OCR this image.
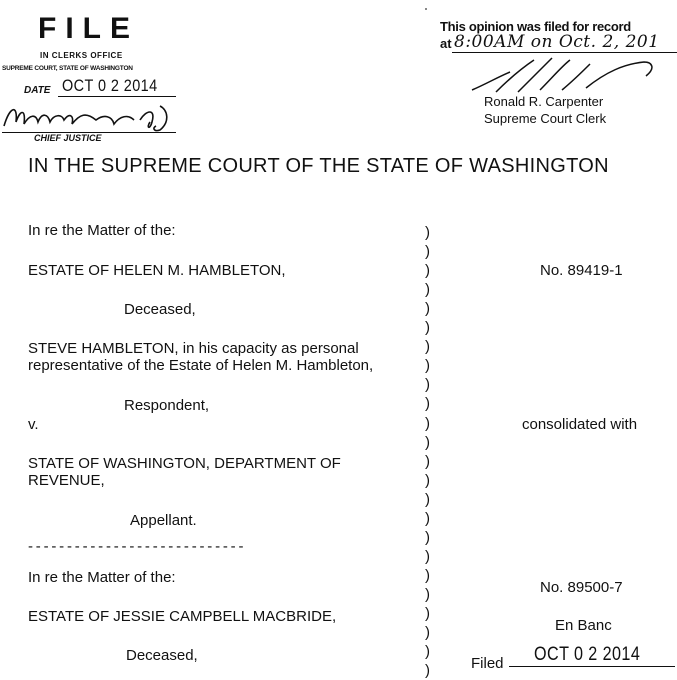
FILE
IN CLERKS OFFICE
SUPREME COURT, STATE OF WASHINGTON
DATE OCT 0 2 2014
CHIEF JUSTICE
This opinion was filed for record
at 8:00AM on Oct. 2, 201
Ronald R. Carpenter
Supreme Court Clerk
IN THE SUPREME COURT OF THE STATE OF WASHINGTON
In re the Matter of the:
ESTATE OF HELEN M. HAMBLETON,
Deceased,
STEVE HAMBLETON, in his capacity as personal
representative of the Estate of Helen M. Hambleton,
Respondent,
v.
STATE OF WASHINGTON, DEPARTMENT OF
REVENUE,
Appellant.
----------------------------
In re the Matter of the:
ESTATE OF JESSIE CAMPBELL MACBRIDE,
Deceased,
)
)
)
)
)
)
)
)
)
)
)
)
)
)
)
)
)
)
)
)
)
)
)
)
No. 89419-1
consolidated with
No. 89500-7
En Banc
Filed OCT 0 2 2014
